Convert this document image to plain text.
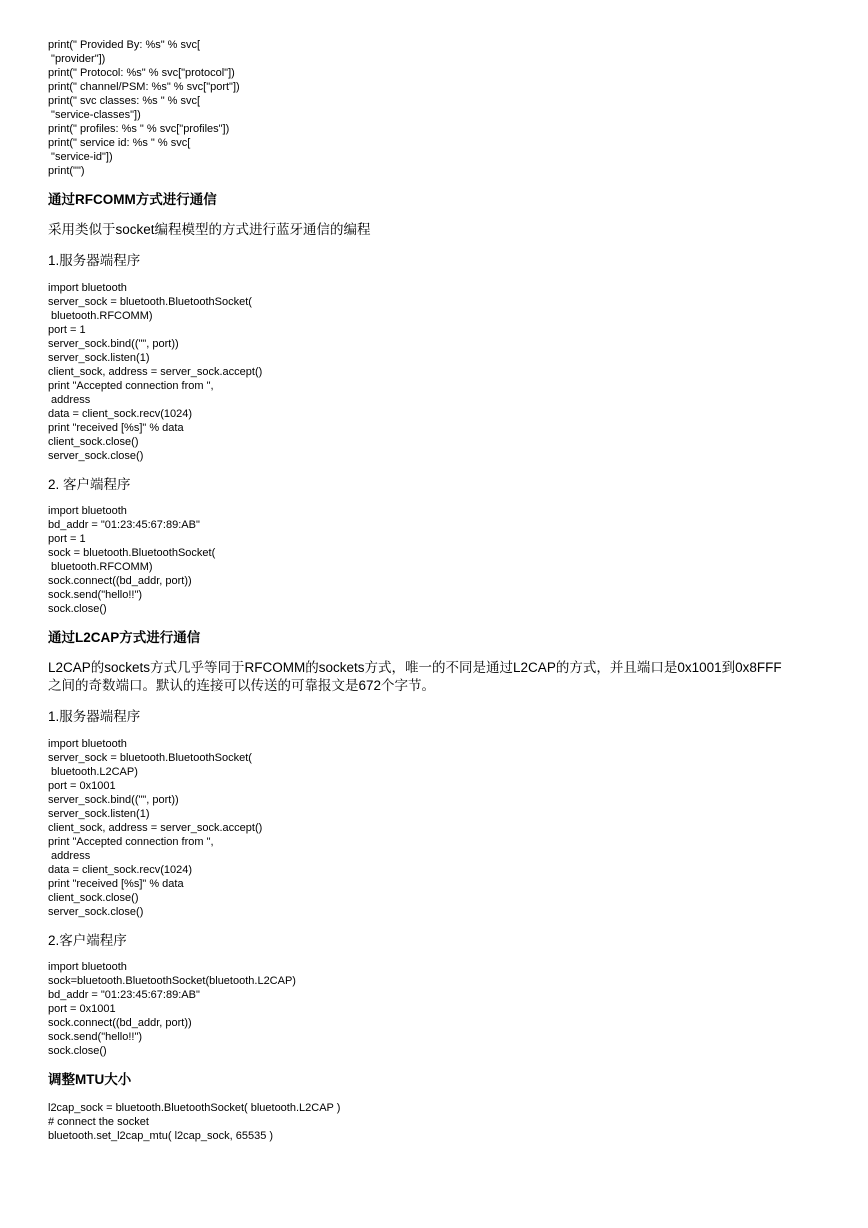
print(" Provided By: %s" % svc[
"provider"])
print(" Protocol: %s" % svc["protocol"])
print(" channel/PSM: %s" % svc["port"])
print(" svc classes: %s " % svc[
"service-classes"])
print(" profiles: %s " % svc["profiles"])
print(" service id: %s " % svc[
"service-id"])
print("")
通过RFCOMM方式进行通信
采用类似于socket编程模型的方式进行蓝牙通信的编程
1.服务器端程序
import bluetooth
server_sock = bluetooth.BluetoothSocket(
bluetooth.RFCOMM)
port = 1
server_sock.bind(("", port))
server_sock.listen(1)
client_sock, address = server_sock.accept()
print "Accepted connection from ",
address
data = client_sock.recv(1024)
print "received [%s]" % data
client_sock.close()
server_sock.close()
2. 客户端程序
import bluetooth
bd_addr = "01:23:45:67:89:AB"
port = 1
sock = bluetooth.BluetoothSocket(
bluetooth.RFCOMM)
sock.connect((bd_addr, port))
sock.send("hello!!")
sock.close()
通过L2CAP方式进行通信
L2CAP的sockets方式几乎等同于RFCOMM的sockets方式，唯一的不同是通过L2CAP的方式，并且端口是0x1001到0x8FFF
之间的奇数端口。默认的连接可以传送的可靠报文是672个字节。
1.服务器端程序
import bluetooth
server_sock = bluetooth.BluetoothSocket(
bluetooth.L2CAP)
port = 0x1001
server_sock.bind(("", port))
server_sock.listen(1)
client_sock, address = server_sock.accept()
print "Accepted connection from ",
address
data = client_sock.recv(1024)
print "received [%s]" % data
client_sock.close()
server_sock.close()
2.客户端程序
import bluetooth
sock=bluetooth.BluetoothSocket(bluetooth.L2CAP)
bd_addr = "01:23:45:67:89:AB"
port = 0x1001
sock.connect((bd_addr, port))
sock.send("hello!!")
sock.close()
调整MTU大小
l2cap_sock = bluetooth.BluetoothSocket( bluetooth.L2CAP )
# connect the socket
bluetooth.set_l2cap_mtu( l2cap_sock, 65535 )
